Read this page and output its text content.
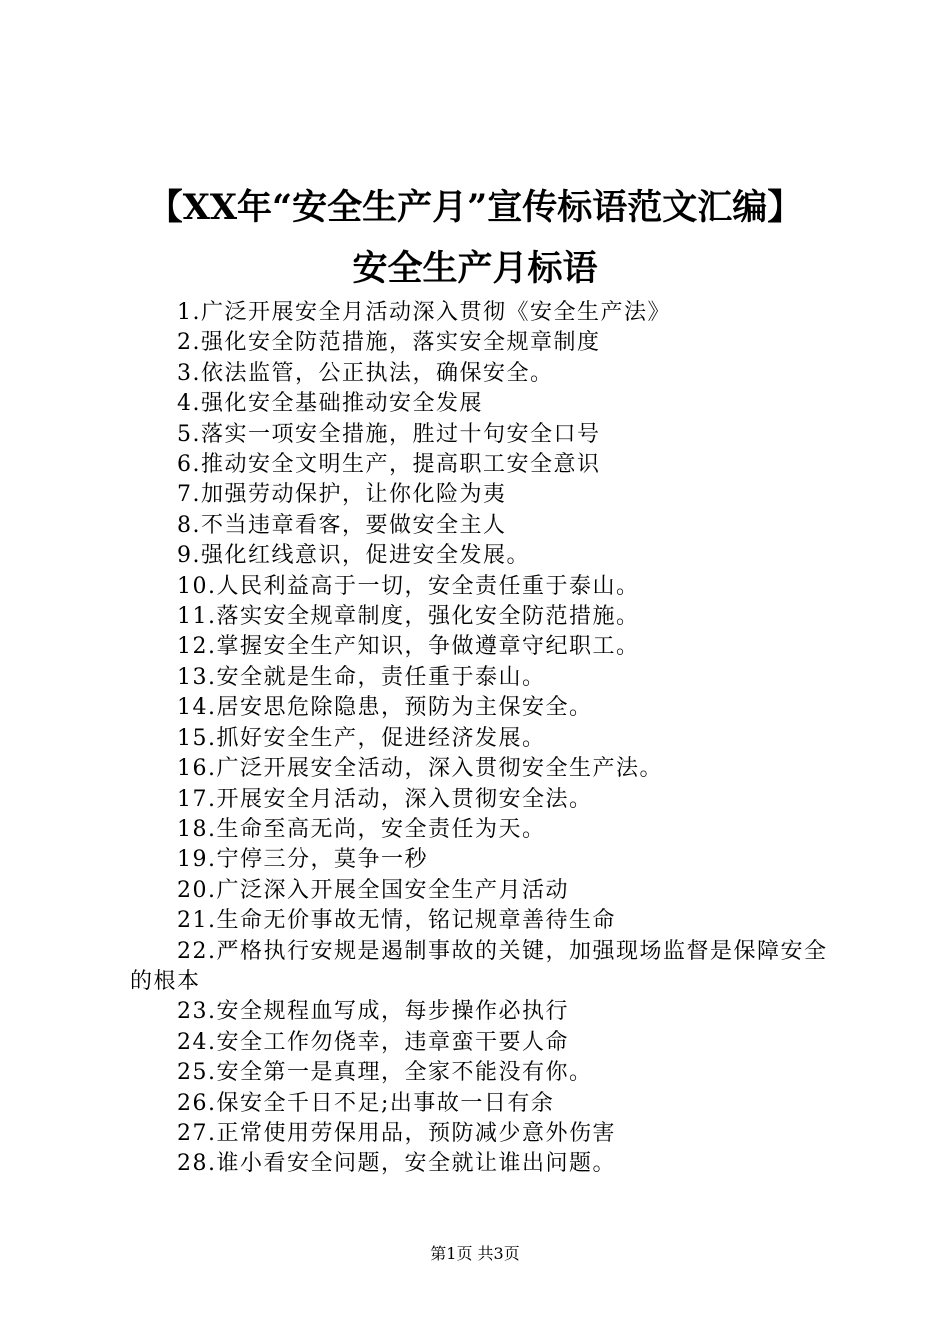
【XX年“安全生产月”宣传标语范文汇编】
安全生产月标语
1.广泛开展安全月活动深入贯彻《安全生产法》
2.强化安全防范措施，落实安全规章制度
3.依法监管，公正执法，确保安全。
4.强化安全基础推动安全发展
5.落实一项安全措施，胜过十句安全口号
6.推动安全文明生产，提高职工安全意识
7.加强劳动保护，让你化险为夷
8.不当违章看客，要做安全主人
9.强化红线意识，促进安全发展。
10.人民利益高于一切，安全责任重于泰山。
11.落实安全规章制度，强化安全防范措施。
12.掌握安全生产知识，争做遵章守纪职工。
13.安全就是生命，责任重于泰山。
14.居安思危除隐患，预防为主保安全。
15.抓好安全生产，促进经济发展。
16.广泛开展安全活动，深入贯彻安全生产法。
17.开展安全月活动，深入贯彻安全法。
18.生命至高无尚，安全责任为天。
19.宁停三分，莫争一秒
20.广泛深入开展全国安全生产月活动
21.生命无价事故无情，铭记规章善待生命
22.严格执行安规是遏制事故的关键，加强现场监督是保障安全的根本
23.安全规程血写成，每步操作必执行
24.安全工作勿侥幸，违章蛮干要人命
25.安全第一是真理，全家不能没有你。
26.保安全千日不足;出事故一日有余
27.正常使用劳保用品，预防减少意外伤害
28.谁小看安全问题，安全就让谁出问题。
第1页 共3页
